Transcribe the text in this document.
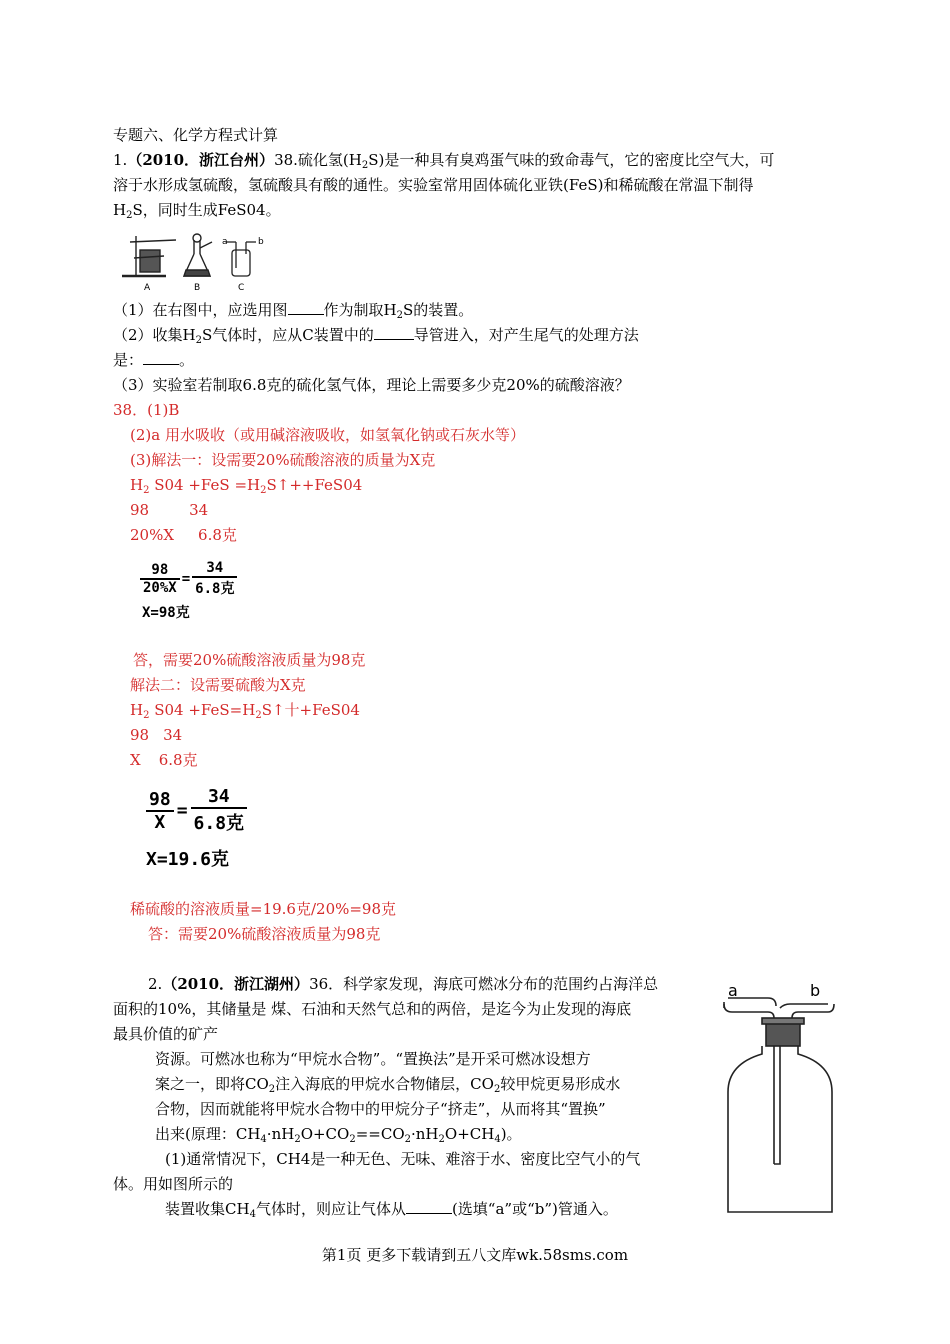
专题六、化学方程式计算
1.（2010．浙江台州）38.硫化氢$(H_2S)$是一种具有臭鸡蛋气味的致命毒气，它的密度比空气大，可
溶于水形成氢硫酸，氢硫酸具有酸的通性。实验室常用固体硫化亚铁(FeS)和稀硫酸在常温下制得
$H_2S$，同时生成FeS04。
a	b
A	B	C
（1）在右图中，应选用图 作为制取$H_2S$的装置。
（2）收集$H_2S$气体时，应从C装置中的	导管进入，对产生尾气的处理方法
是： 。
（3）实验室若制取6.8克的硫化氢气体，理论上需要多少克20%的硫酸溶液？
38．(1)B
(2)a 用水吸收（或用碱溶液吸收，如氢氧化钠或石灰水等）
(3)解法一：设需要20%硫酸溶液的质量为X克
$H_2$ $S04 +FeS =H_2S↑++FeS04$
98	34
20%X 6.8克
$\frac{98}{20\%X}$ =
34
6.8克
X=98克
答，需要20%硫酸溶液质量为98克
解法二：设需要硫酸为X克
$H_2$ $S04 +FeS=H_2S↑$十+FeS04
98 34
X 6.8克
$\frac{98}{X}$ =
34
6.8克
X=19.6克
稀硫酸的溶液质量=19.6克/20%=98克
答：需要20%硫酸溶液质量为98克
2.（2010．浙江湖州）36．科学家发现，海底可燃冰分布的范围约占海洋总
面积的10%，其储量是 煤、石油和天然气总和的两倍，是迄今为止发现的海底
最具价值的矿产
资源。可燃冰也称为“甲烷水合物”。“置换法”是开采可燃冰设想方
案之一，即将$CO_2$注入海底的甲烷水合物储层，$CO_2$较甲烷更易形成水
合物，因而就能将甲烷水合物中的甲烷分子“挤走”，从而将其“置换”
出来(原理：$CH_4\cdot nH_2O+CO_2==CO_2\cdot nH_2O+CH_4$)。
(1)通常情况下，CH4是一种无色、无味、难溶于水、密度比空气小的气
体。用如图所示的
装置收集$CH_4$气体时，则应让气体从	(选填“a”或“b”)管通入。
a	b
第1页 更多下载请到五八文库wk.58sms.com
